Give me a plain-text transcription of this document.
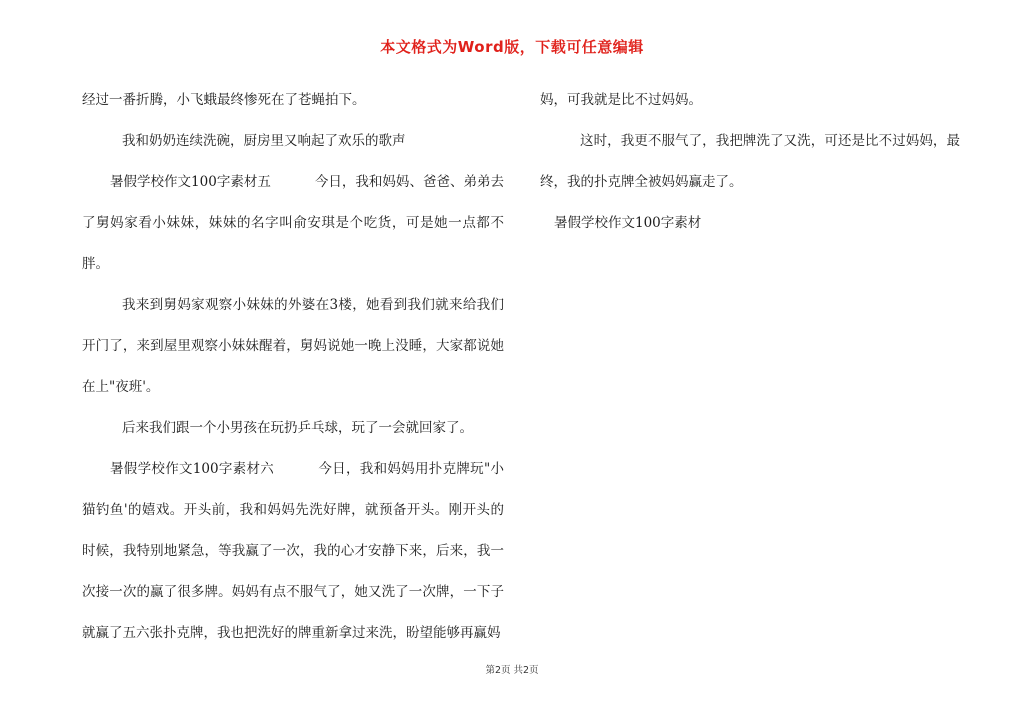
本文格式为Word版，下载可任意编辑

经过一番折腾，小飞蛾最终惨死在了苍蝇拍下。

我和奶奶连续洗碗，厨房里又响起了欢乐的歌声

暑假学校作文100字素材五	今日，我和妈妈、爸爸、弟弟去了舅妈家看小妹妹，妹妹的名字叫俞安琪是个吃货，可是她一点都不胖。

我来到舅妈家观察小妹妹的外婆在3楼，她看到我们就来给我们开门了，来到屋里观察小妹妹醒着，舅妈说她一晚上没睡，大家都说她在上"夜班'。

后来我们跟一个小男孩在玩扔乒乓球，玩了一会就回家了。

暑假学校作文100字素材六	今日，我和妈妈用扑克牌玩"小猫钓鱼'的嬉戏。开头前，我和妈妈先洗好牌，就预备开头。刚开头的时候，我特别地紧急，等我赢了一次，我的心才安静下来，后来，我一次接一次的赢了很多牌。妈妈有点不服气了，她又洗了一次牌，一下子就赢了五六张扑克牌，我也把洗好的牌重新拿过来洗，盼望能够再赢妈

妈，可我就是比不过妈妈。

这时，我更不服气了，我把牌洗了又洗，可还是比不过妈妈，最终，我的扑克牌全被妈妈赢走了。

暑假学校作文100字素材

第2页 共2页
